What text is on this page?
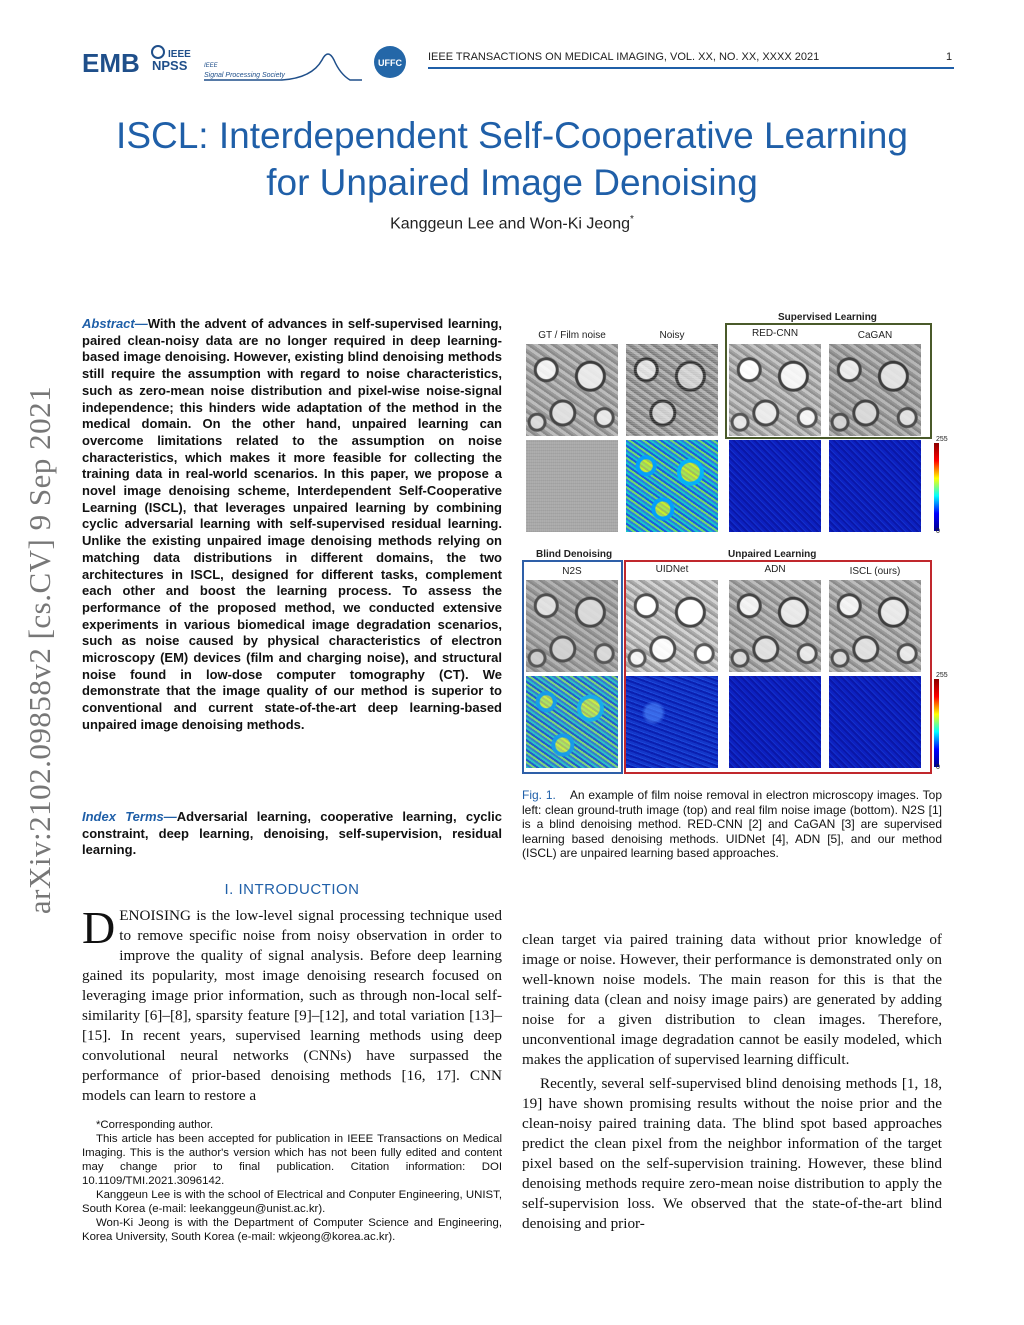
EMB	IEEE
NPSS	IEEE
Signal Processing Society
UFFC IEEE TRANSACTIONS ON MEDICAL IMAGING, VOL. XX, NO. XX, XXXX 2021	1
arXiv:2102.09858v2 [cs.CV] 9 Sep 2021
ISCL: Interdependent Self-Cooperative Learning
for Unpaired Image Denoising
Kanggeun Lee and Won-Ki Jeong*
Abstract—With the advent of advances in self-supervised learning, paired clean-noisy data are no longer required in deep learning-based image denoising. However, existing blind denoising methods still require the assumption with regard to noise characteristics, such as zero-mean noise distribution and pixel-wise noise-signal independence; this hinders wide adaptation of the method in the medical domain. On the other hand, unpaired learning can overcome limitations related to the assumption on noise characteristics, which makes it more feasible for collecting the training data in real-world scenarios. In this paper, we propose a novel image denoising scheme, Interdependent Self-Cooperative Learning (ISCL), that leverages unpaired learning by combining cyclic adversarial learning with self-supervised residual learning. Unlike the existing unpaired image denoising methods relying on matching data distributions in different domains, the two architectures in ISCL, designed for different tasks, complement each other and boost the learning process. To assess the performance of the proposed method, we conducted extensive experiments in various biomedical image degradation scenarios, such as noise caused by physical characteristics of electron microscopy (EM) devices (film and charging noise), and structural noise found in low-dose computer tomography (CT). We demonstrate that the image quality of our method is superior to conventional and current state-of-the-art deep learning-based unpaired image denoising methods.
Index Terms—Adversarial learning, cooperative learning, cyclic constraint, deep learning, denoising, self-supervision, residual learning.
I. INTRODUCTION
DENOISING is the low-level signal processing technique used to remove specific noise from noisy observation in order to improve the quality of signal analysis. Before deep learning gained its popularity, most image denoising research focused on leveraging image prior information, such as through non-local self-similarity [6]–[8], sparsity feature [9]–[12], and total variation [13]–[15]. In recent years, supervised learning methods using deep convolutional neural networks (CNNs) have surpassed the performance of prior-based denoising methods [16, 17]. CNN models can learn to restore a

*Corresponding author.

This article has been accepted for publication in IEEE Transactions on Medical Imaging. This is the author's version which has not been fully edited and content may change prior to final publication. Citation information: DOI 10.1109/TMI.2021.3096142.

Kanggeun Lee is with the school of Electrical and Conputer Engineering, UNIST, South Korea (e-mail: leekanggeun@unist.ac.kr).

Won-Ki Jeong is with the Department of Computer Science and Engineering, Korea University, South Korea (e-mail: wkjeong@korea.ac.kr).

Supervised Learning
GT / Film noise	Noisy	RED-CNN	CaGAN
255
0
Blind Denoising	Unpaired Learning
N2S	UIDNet	ADN	ISCL (ours)
255
0
Fig. 1. An example of film noise removal in electron microscopy images. Top left: clean ground-truth image (top) and real film noise image (bottom). N2S [1] is a blind denoising method. RED-CNN [2] and CaGAN [3] are supervised learning based denoising methods. UIDNet [4], ADN [5], and our method (ISCL) are unpaired learning based approaches.

clean target via paired training data without prior knowledge of image or noise. However, their performance is demonstrated only on well-known noise models. The main reason for this is that the training data (clean and noisy image pairs) are generated by adding noise for a given distribution to clean images. Therefore, unconventional image degradation cannot be easily modeled, which makes the application of supervised learning difficult.

Recently, several self-supervised blind denoising methods [1, 18, 19] have shown promising results without the noise prior and the clean-noisy paired training data. The blind spot based approaches predict the clean pixel from the neighbor information of the target pixel based on the self-supervision training. However, these blind denoising methods require zero-mean noise distribution to apply the self-supervision loss. We observed that the state-of-the-art blind denoising and prior-
